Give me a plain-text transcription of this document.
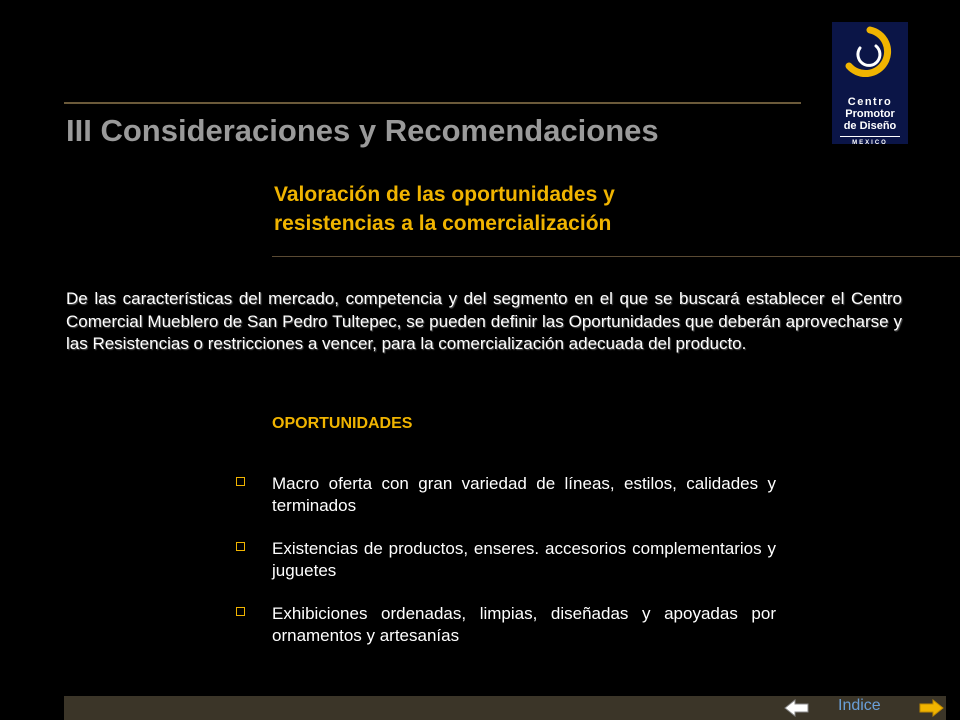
III Consideraciones y Recomendaciones
Centro
Promotor
de Diseño
MEXICO
Valoración de las oportunidades y
resistencias a la comercialización
De las características del mercado, competencia y del segmento en el que se buscará establecer el Centro Comercial Mueblero de San Pedro Tultepec, se pueden definir las Oportunidades que deberán aprovecharse y las Resistencias o restricciones a vencer, para la comercialización adecuada del producto.
OPORTUNIDADES
Macro oferta con gran variedad de líneas, estilos, calidades y terminados
Existencias de productos, enseres. accesorios complementarios y juguetes
Exhibiciones ordenadas, limpias, diseñadas y apoyadas por ornamentos y artesanías
Indice
